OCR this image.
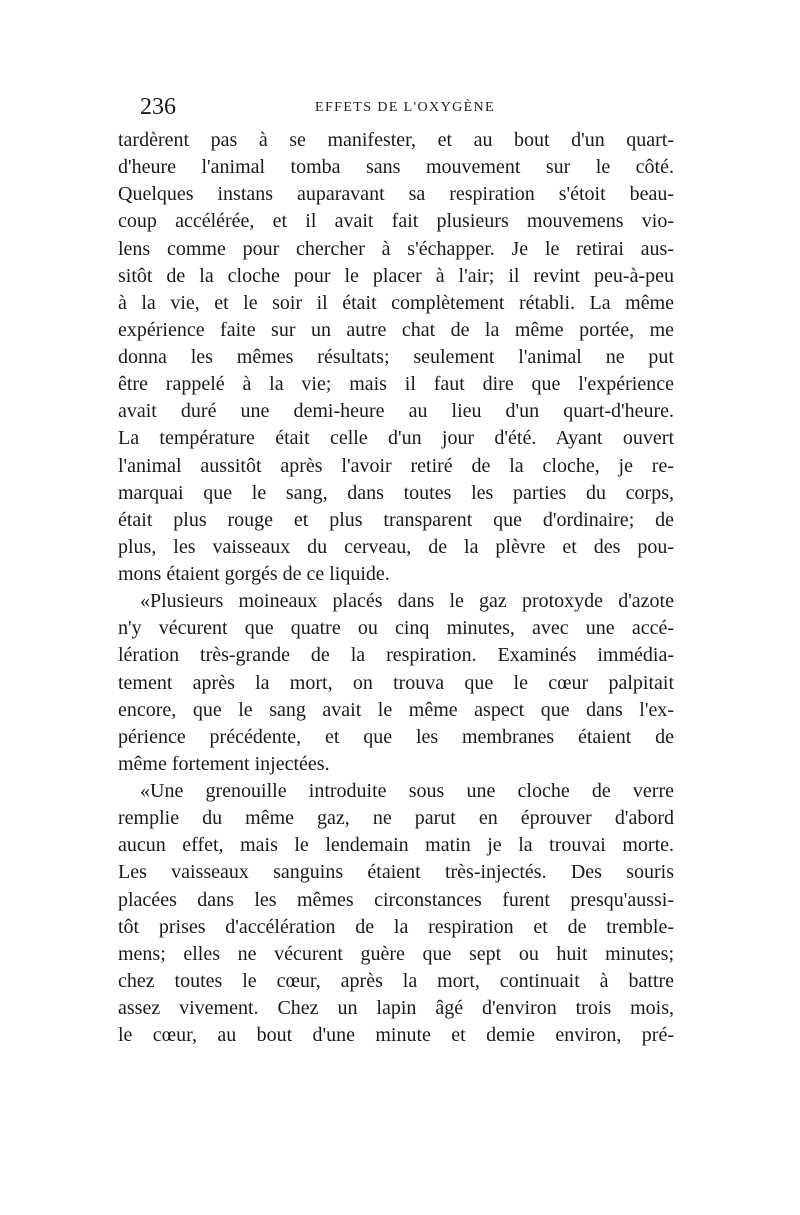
236	EFFETS DE L'OXYGÈNE
tardèrent pas à se manifester, et au bout d'un quart-
d'heure l'animal tomba sans mouvement sur le côté.
Quelques instans auparavant sa respiration s'étoit beau-
coup accélérée, et il avait fait plusieurs mouvemens vio-
lens comme pour chercher à s'échapper. Je le retirai aus-
sitôt de la cloche pour le placer à l'air; il revint peu-à-peu
à la vie, et le soir il était complètement rétabli. La même
expérience faite sur un autre chat de la même portée, me
donna les mêmes résultats; seulement l'animal ne put
être rappelé à la vie; mais il faut dire que l'expérience
avait duré une demi-heure au lieu d'un quart-d'heure.
La température était celle d'un jour d'été. Ayant ouvert
l'animal aussitôt après l'avoir retiré de la cloche, je re-
marquai que le sang, dans toutes les parties du corps,
était plus rouge et plus transparent que d'ordinaire; de
plus, les vaisseaux du cerveau, de la plèvre et des pou-
mons étaient gorgés de ce liquide.
«Plusieurs moineaux placés dans le gaz protoxyde d'azote
n'y vécurent que quatre ou cinq minutes, avec une accé-
lération très-grande de la respiration. Examinés immédia-
tement après la mort, on trouva que le cœur palpitait
encore, que le sang avait le même aspect que dans l'ex-
périence précédente, et que les membranes étaient de
même fortement injectées.
«Une grenouille introduite sous une cloche de verre
remplie du même gaz, ne parut en éprouver d'abord
aucun effet, mais le lendemain matin je la trouvai morte.
Les vaisseaux sanguins étaient très-injectés. Des souris
placées dans les mêmes circonstances furent presqu'aussi-
tôt prises d'accélération de la respiration et de tremble-
mens; elles ne vécurent guère que sept ou huit minutes;
chez toutes le cœur, après la mort, continuait à battre
assez vivement. Chez un lapin âgé d'environ trois mois,
le cœur, au bout d'une minute et demie environ, pré-
